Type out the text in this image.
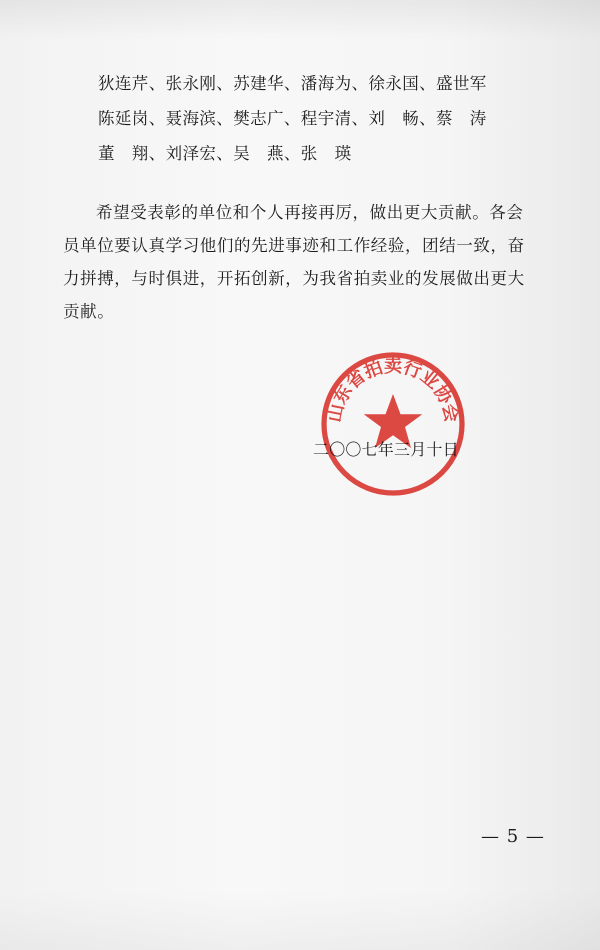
狄连芹、张永刚、苏建华、潘海为、徐永国、盛世军
陈延岗、聂海滨、樊志广、程宇清、刘　畅、蔡　涛
董　翔、刘泽宏、吴　燕、张　瑛

希望受表彰的单位和个人再接再厉，做出更大贡献。各会员单位要认真学习他们的先进事迹和工作经验，团结一致，奋力拼搏，与时俱进，开拓创新，为我省拍卖业的发展做出更大贡献。

二〇〇七年三月十日
山东省拍卖行业协会
— 5 —
